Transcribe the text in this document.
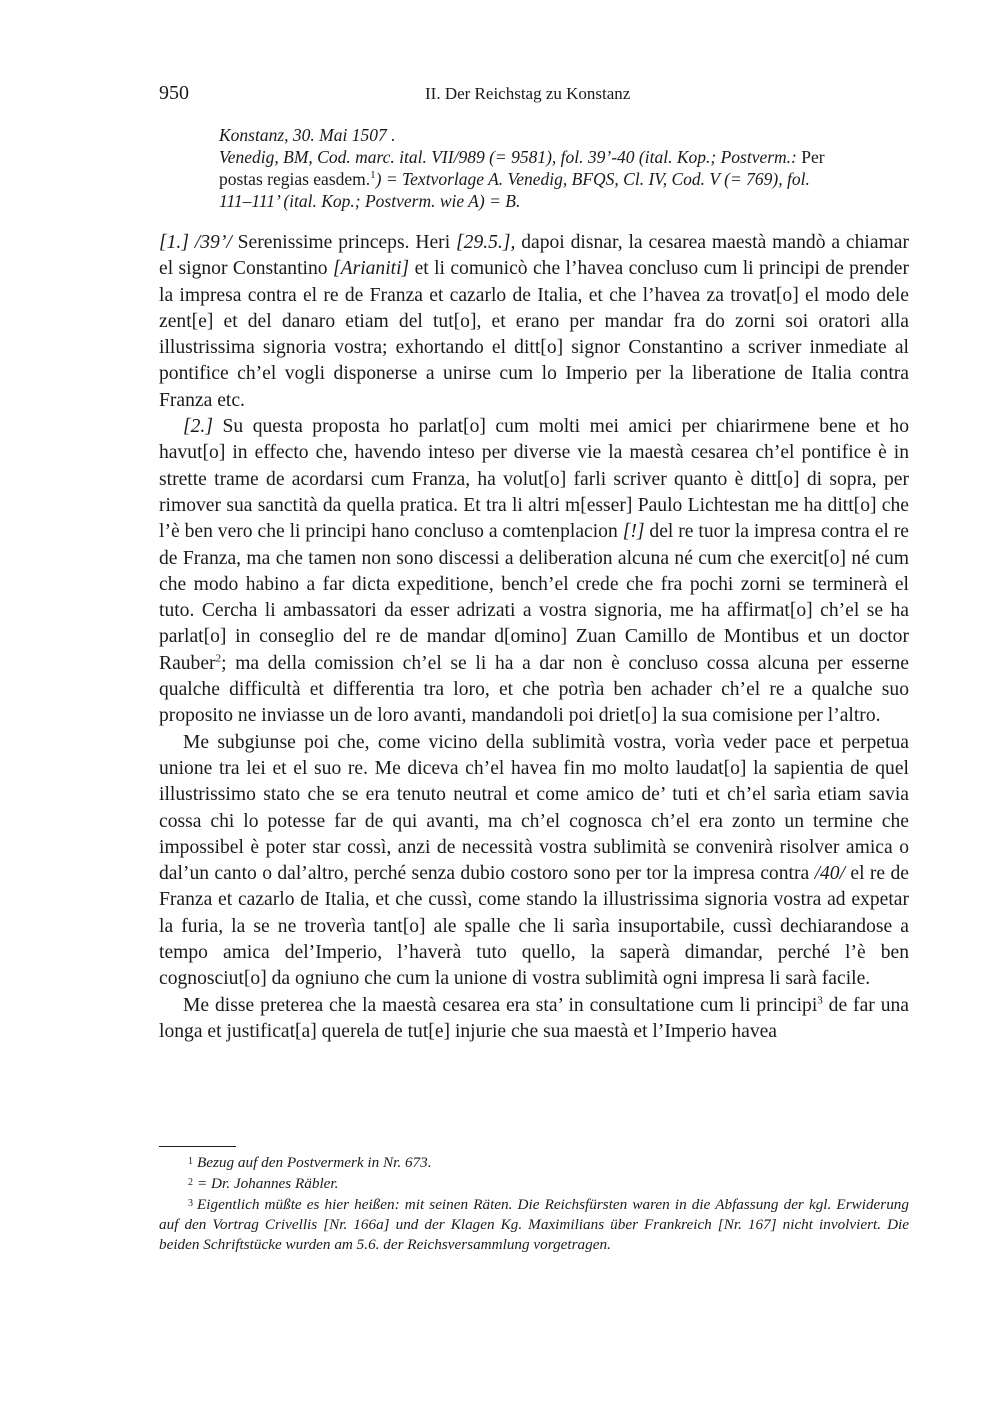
950	II. Der Reichstag zu Konstanz
Konstanz, 30. Mai 1507 .
Venedig, BM, Cod. marc. ital. VII/989 (= 9581), fol. 39’-40 (ital. Kop.; Postverm.: Per
postas regias easdem.$^1$) = Textvorlage A. Venedig, BFQS, Cl. IV, Cod. V (= 769), fol.
111–111’ (ital. Kop.; Postverm. wie A) = B.

[1.] /39’/ Serenissime princeps. Heri [29.5.], dapoi disnar, la cesarea maestà mandò a chiamar el signor Constantino [Arianiti] et li comunicò che l’havea concluso cum li principi de prender la impresa contra el re de Franza et cazarlo de Italia, et che l’havea za trovat[o] el modo dele zent[e] et del danaro etiam del tut[o], et erano per mandar fra do zorni soi oratori alla illustrissima signoria vostra; exhortando el ditt[o] signor Constantino a scriver inmediate al pontifice ch’el vogli disponerse a unirse cum lo Imperio per la liberatione de Italia contra Franza etc.

[2.] Su questa proposta ho parlat[o] cum molti mei amici per chiarirmene bene et ho havut[o] in effecto che, havendo inteso per diverse vie la maestà cesarea ch’el pontifice è in strette trame de acordarsi cum Franza, ha volut[o] farli scriver quanto è ditt[o] di sopra, per rimover sua sanctità da quella pratica. Et tra li altri m[esser] Paulo Lichtestan me ha ditt[o] che l’è ben vero che li principi hano concluso a comtenplacion [!] del re tuor la impresa contra el re de Franza, ma che tamen non sono discessi a deliberation alcuna né cum che exercit[o] né cum che modo habino a far dicta expeditione, bench’el crede che fra pochi zorni se terminerà el tuto. Cercha li ambassatori da esser adrizati a vostra signoria, me ha affirmat[o] ch’el se ha parlat[o] in conseglio del re de mandar d[omino] Zuan Camillo de Montibus et un doctor Rauber$^2$; ma della comission ch’el se li ha a dar non è concluso cossa alcuna per esserne qualche difficultà et differentia tra loro, et che potrìa ben achader ch’el re a qualche suo proposito ne inviasse un de loro avanti, mandandoli poi driet[o] la sua comisione per l’altro.

Me subgiunse poi che, come vicino della sublimità vostra, vorìa veder pace et perpetua unione tra lei et el suo re. Me diceva ch’el havea fin mo molto laudat[o] la sapientia de quel illustrissimo stato che se era tenuto neutral et come amico de’ tuti et ch’el sarìa etiam savia cossa chi lo potesse far de qui avanti, ma ch’el cognosca ch’el era zonto un termine che impossibel è poter star cossì, anzi de necessità vostra sublimità se convenirà risolver amica o dal’un canto o dal’altro, perché senza dubio costoro sono per tor la impresa contra /40/ el re de Franza et cazarlo de Italia, et che cussì, come stando la illustrissima signoria vostra ad expetar la furia, la se ne troverìa tant[o] ale spalle che li sarìa insuportabile, cussì dechiarandose a tempo amica del’Imperio, l’haverà tuto quello, la saperà dimandar, perché l’è ben cognosciut[o] da ogniuno che cum la unione di vostra sublimità ogni impresa li sarà facile.

Me disse preterea che la maestà cesarea era sta’ in consultatione cum li principi$^3$ de far una longa et justificat[a] querela de tut[e] injurie che sua maestà et l’Imperio havea

1 Bezug auf den Postvermerk in Nr. 673.

2 = Dr. Johannes Räbler.

3 Eigentlich müßte es hier heißen: mit seinen Räten. Die Reichsfürsten waren in die Abfassung der kgl. Erwiderung auf den Vortrag Crivellis [Nr. 166a] und der Klagen Kg. Maximilians über Frankreich [Nr. 167] nicht involviert. Die beiden Schriftstücke wurden am 5.6. der Reichsversammlung vorgetragen.
